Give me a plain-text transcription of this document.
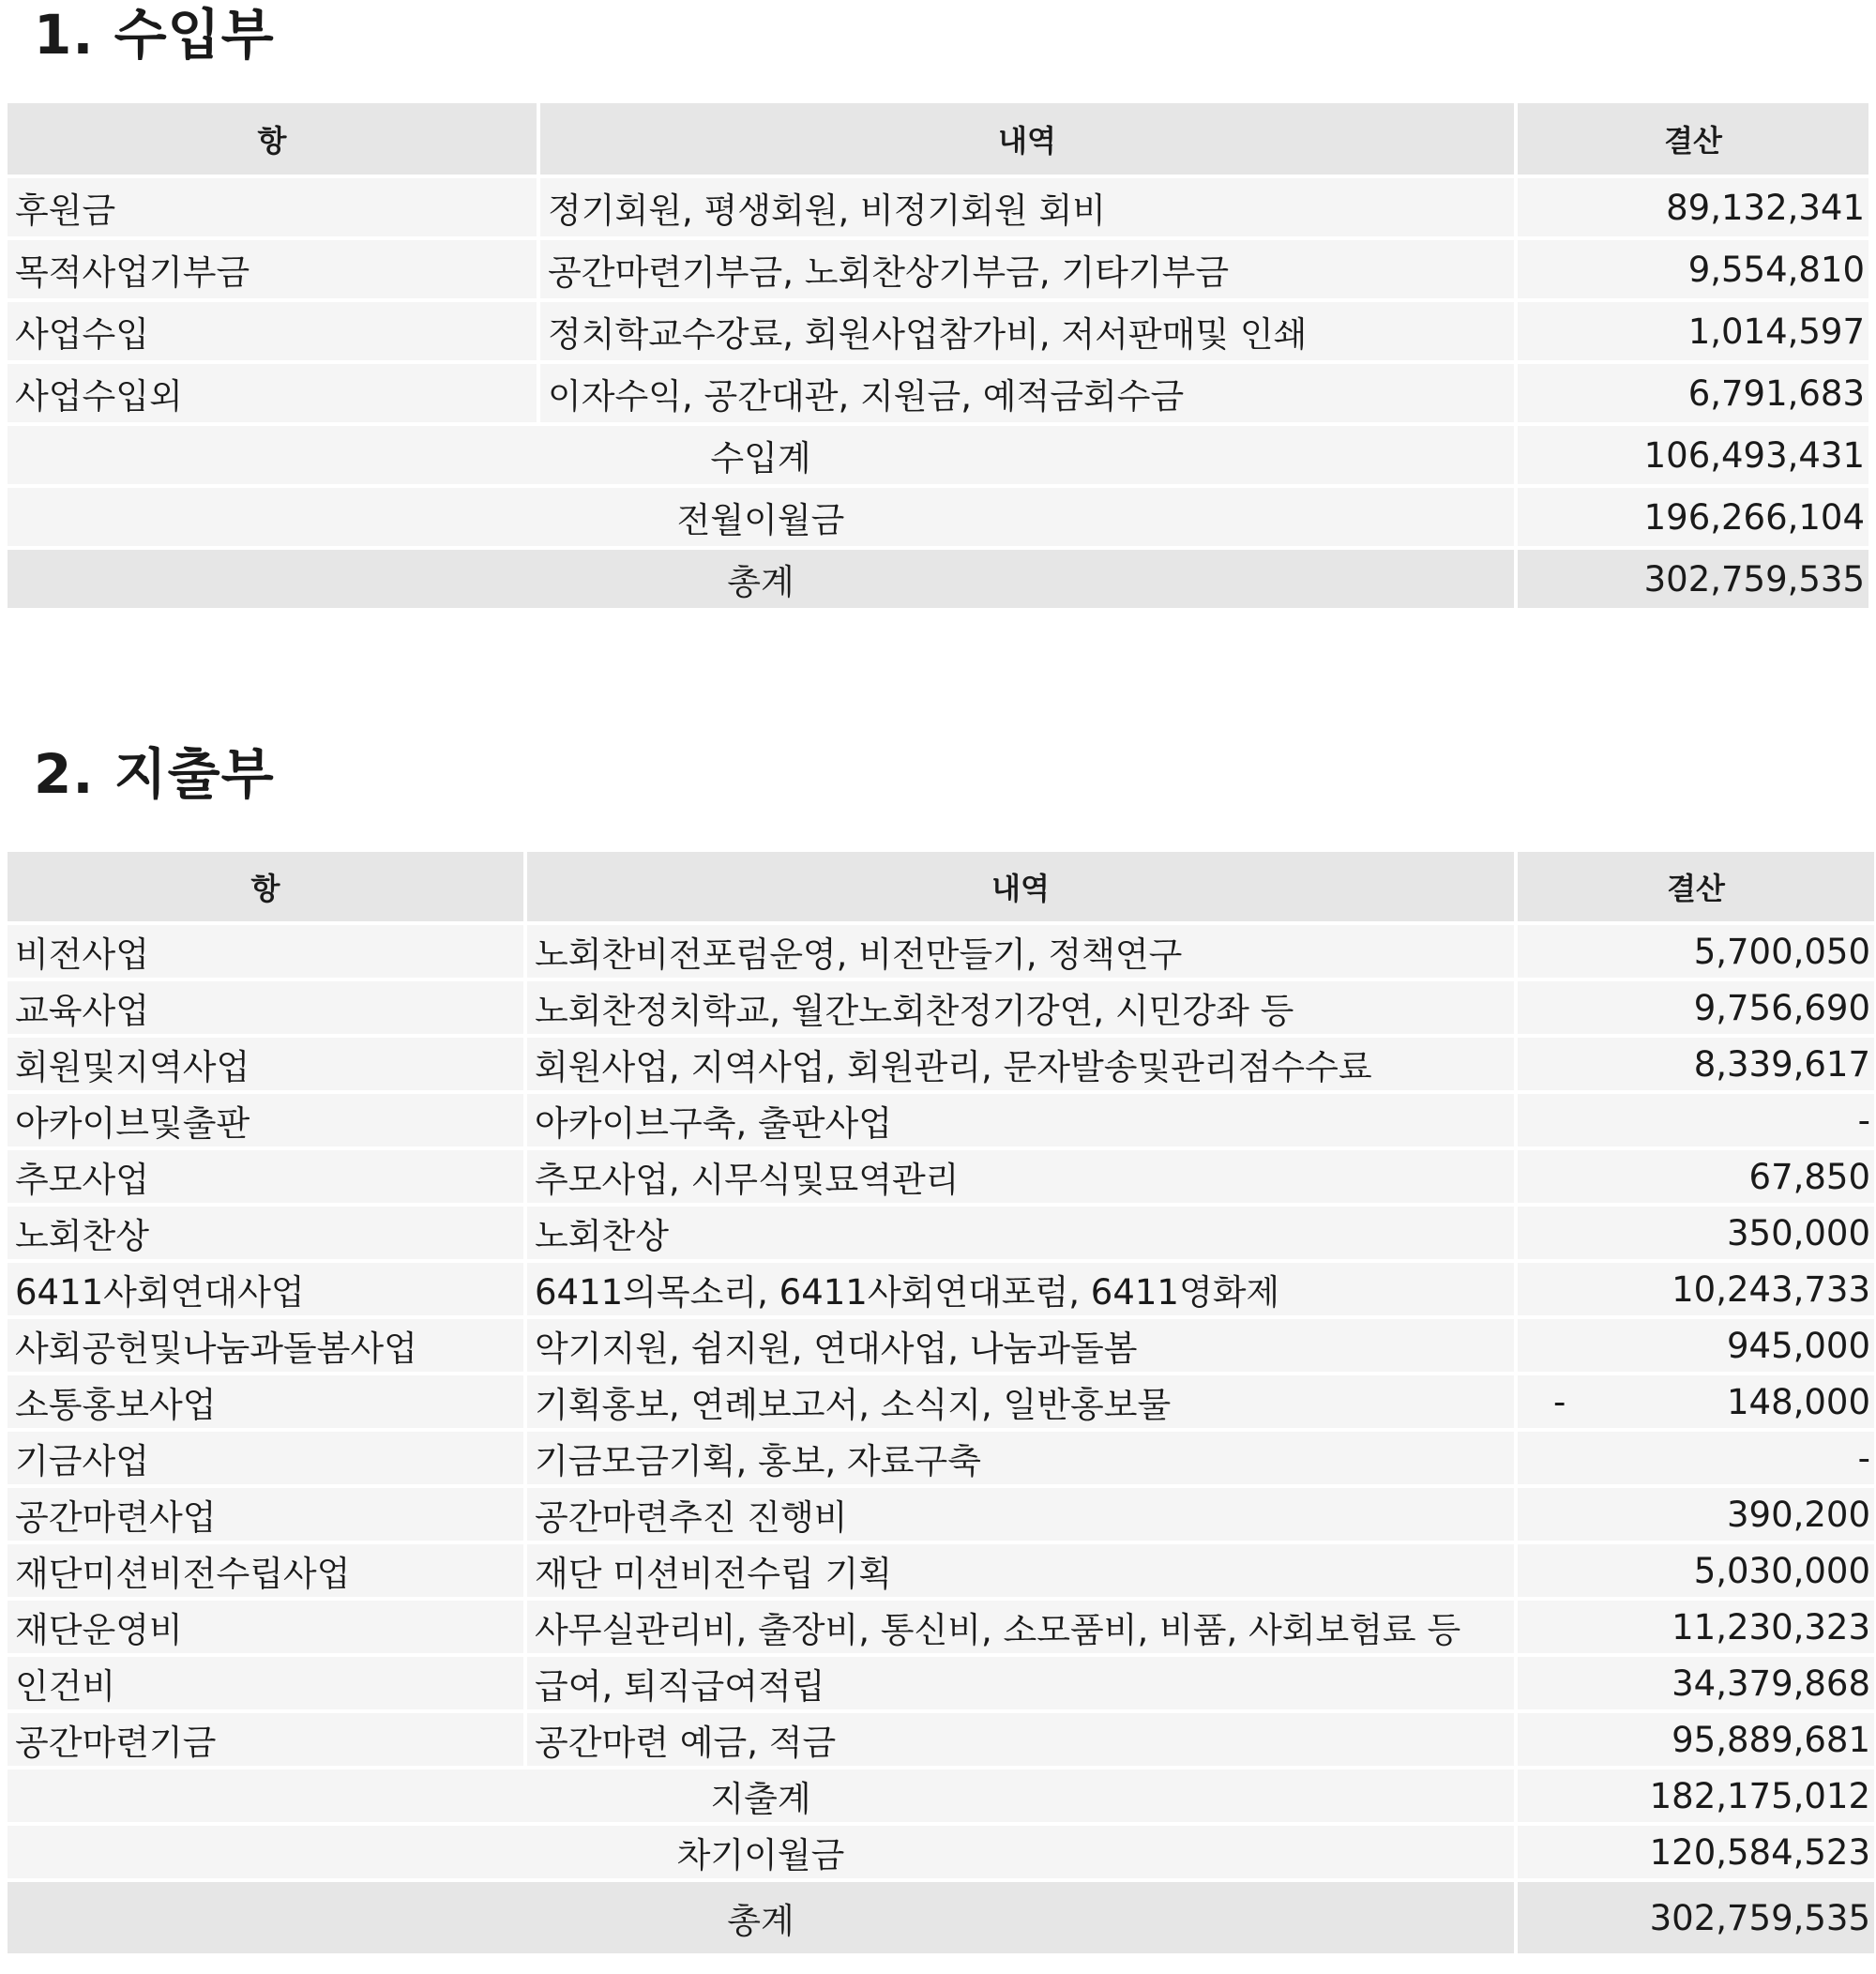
1. 수입부
항	내역	결산
후원금	정기회원, 평생회원, 비정기회원 회비	89,132,341
목적사업기부금	공간마련기부금, 노회찬상기부금, 기타기부금	9,554,810
사업수입	정치학교수강료, 회원사업참가비, 저서판매및 인쇄	1,014,597
사업수입외	이자수익, 공간대관, 지원금, 예적금회수금	6,791,683
수입계		106,493,431
전월이월금		196,266,104
총계		302,759,535
2. 지출부
항	내역	결산
비전사업	노회찬비전포럼운영, 비전만들기, 정책연구	5,700,050
교육사업	노회찬정치학교, 월간노회찬정기강연, 시민강좌 등	9,756,690
회원및지역사업	회원사업, 지역사업, 회원관리, 문자발송및관리점수수료	8,339,617
아카이브및출판	아카이브구축, 출판사업	-
추모사업	추모사업, 시무식및묘역관리	67,850
노회찬상	노회찬상	350,000
6411사회연대사업	6411의목소리, 6411사회연대포럼, 6411영화제	10,243,733
사회공헌및나눔과돌봄사업	악기지원, 쉼지원, 연대사업, 나눔과돌봄	945,000
소통홍보사업	기획홍보, 연례보고서, 소식지, 일반홍보물	- 148,000

기금사업	기금모금기획, 홍보, 자료구축	-
공간마련사업	공간마련추진 진행비	390,200
재단미션비전수립사업	재단 미션비전수립 기획	5,030,000
재단운영비	사무실관리비, 출장비, 통신비, 소모품비, 비품, 사회보험료 등	11,230,323
인건비	급여, 퇴직급여적립	34,379,868
공간마련기금	공간마련 예금, 적금	95,889,681
지출계		182,175,012
차기이월금		120,584,523
총계		302,759,535
